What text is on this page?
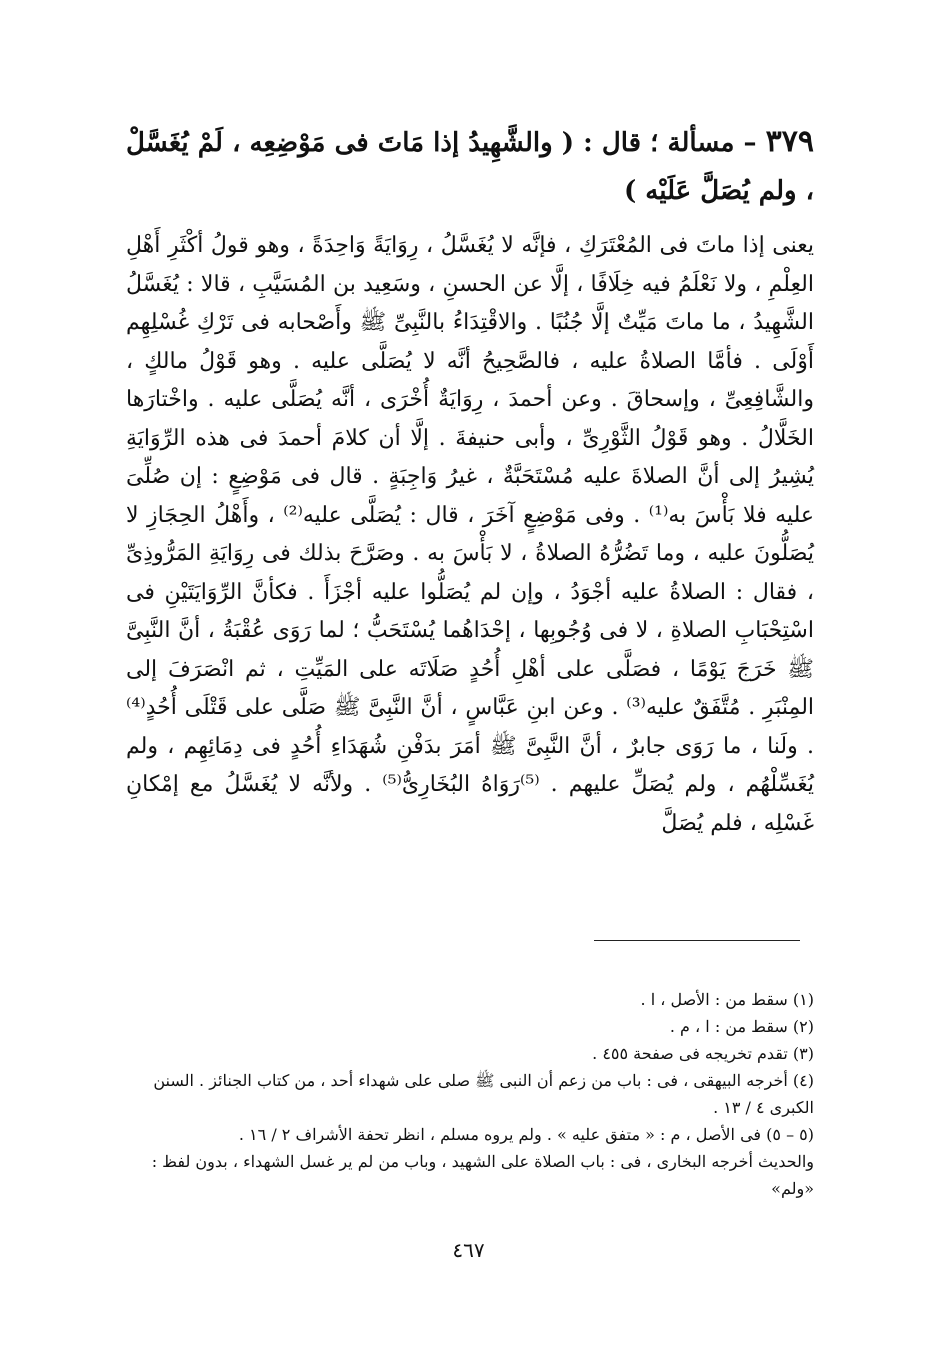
٣٧٩ – مسألة ؛ قال : ( والشَّهِيدُ إذا مَاتَ فى مَوْضِعِه ، لَمْ يُغَسَّلْ ، ولم يُصَلَّ عَلَيْه )

يعنى إذا ماتَ فى المُعْتَرَكِ ، فإنَّه لا يُغَسَّلُ ، رِوَايَةً وَاحِدَةً ، وهو قولُ أكْثَرِ أَهْلِ العِلْمِ ، ولا نَعْلَمُ فيه خِلَافًا ، إلَّا عن الحسنِ ، وسَعِيد بن المُسَيَّبِ ، قالا : يُغَسَّلُ الشَّهِيدُ ، ما ماتَ مَيِّتٌ إلَّا جُنُبًا . والاقْتِدَاءُ بالنَّبِىِّ ﷺ وأَصْحابه فى تَرْكِ غُسْلِهِم أَوْلَى . فأمَّا الصلاةُ عليه ، فالصَّحِيحُ أنَّه لا يُصَلَّى عليه . وهو قَوْلُ مالكٍ ، والشَّافِعِىِّ ، وإسحاقَ . وعن أحمدَ ، رِوَايَةٌ أُخْرَى ، أنَّه يُصَلَّى عليه . واخْتارَها الخَلَّالُ . وهو قَوْلُ الثَّوْرِىِّ ، وأبى حنيفةَ . إلَّا أن كلامَ أحمدَ فى هذه الرِّوَايَةِ يُشِيرُ إلى أنَّ الصلاةَ عليه مُسْتَحَبَّةٌ ، غيرُ وَاجِبَةٍ . قال فى مَوْضِعٍ : إن صُلِّىَ عليه فلا بَأْسَ به⁽¹⁾ . وفى مَوْضِعٍ آخَرَ ، قال : يُصَلَّى عليه⁽²⁾ ، وأَهْلُ الحِجَازِ لا يُصَلُّونَ عليه ، وما تَضُرُّهُ الصلاةُ ، لا بَأْسَ به . وصَرَّحَ بذلك فى رِوَايَةِ المَرُّوذِىِّ ، فقال : الصلاةُ عليه أجْوَدُ ، وإن لم يُصَلُّوا عليه أجْزَأَ . فكأنَّ الرِّوَايَتَيْنِ فى اسْتِحْبَابِ الصلاةِ ، لا فى وُجُوبِها ، إحْدَاهُما يُسْتَحَبُّ ؛ لما رَوَى عُقْبَةُ ، أنَّ النَّبِىَّ ﷺ خَرَجَ يَوْمًا ، فصَلَّى على أهْلِ أُحُدٍ صَلَاتَه على المَيِّتِ ، ثم انْصَرَفَ إلى المِنْبَرِ . مُتَّفَقٌ عليه⁽³⁾ . وعن ابنِ عَبَّاسٍ ، أنَّ النَّبِىَّ ﷺ صَلَّى على قَتْلَى أُحُدٍ⁽⁴⁾ . ولَنا ، ما رَوَى جابرٌ ، أنَّ النَّبِىَّ ﷺ أمَرَ بدَفْنِ شُهَدَاءِ أُحُدٍ فى دِمَائِهِم ، ولم يُغَسِّلْهُم ، ولم يُصَلِّ عليهم . ⁽⁵⁾رَوَاهُ البُخَارِىُّ⁽⁵⁾ . ولأنَّه لا يُغَسَّلُ مع إمْكانِ غَسْلِه ، فلم يُصَلَّ

(١) سقط من : الأصل ، ا .
(٢) سقط من : ا ، م .
(٣) تقدم تخريجه فى صفحة ٤٥٥ .
(٤) أخرجه البيهقى ، فى : باب من زعم أن النبى ﷺ صلى على شهداء أحد ، من كتاب الجنائز . السنن الكبرى ٤ / ١٣ .
(٥ – ٥) فى الأصل ، م : « متفق عليه » . ولم يروه مسلم ، انظر تحفة الأشراف ٢ / ١٦ .
والحديث أخرجه البخارى ، فى : باب الصلاة على الشهيد ، وباب من لم ير غسل الشهداء ، بدون لفظ : «ولم»
٤٦٧
